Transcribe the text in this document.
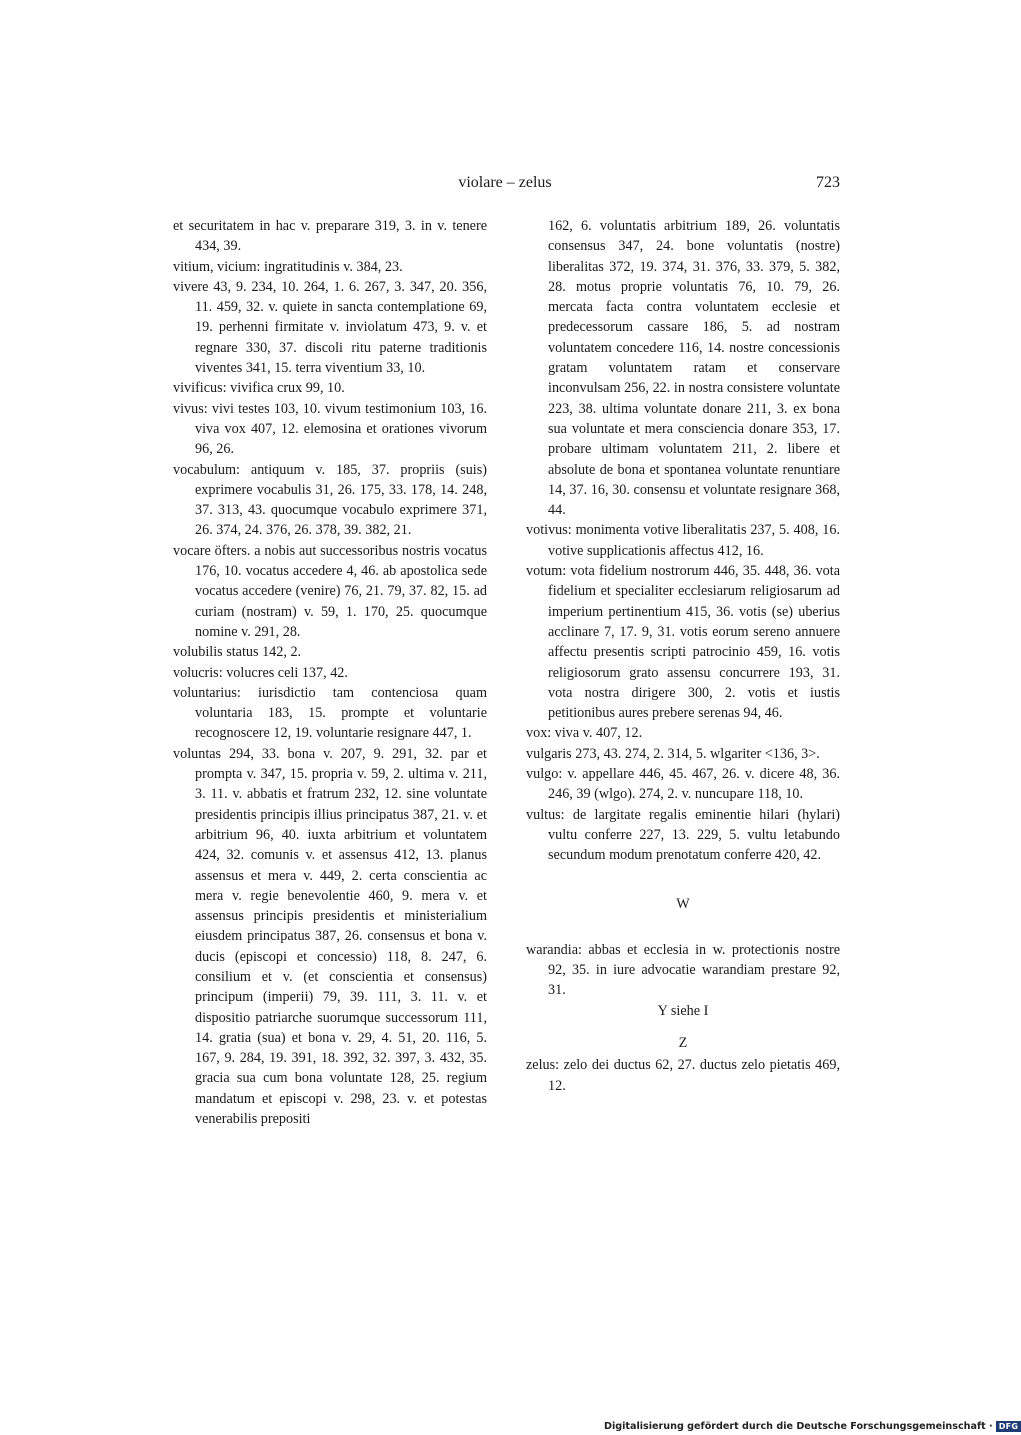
violare – zelus	723
et securitatem in hac v. preparare 319, 3. in v. tenere 434, 39.
vitium, vicium: ingratitudinis v. 384, 23.
vivere 43, 9. 234, 10. 264, 1. 6. 267, 3. 347, 20. 356, 11. 459, 32. v. quiete in sancta contemplatione 69, 19. perhenni firmitate v. inviolatum 473, 9. v. et regnare 330, 37. discoli ritu paterne traditionis viventes 341, 15. terra viventium 33, 10.
vivificus: vivifica crux 99, 10.
vivus: vivi testes 103, 10. vivum testimonium 103, 16. viva vox 407, 12. elemosina et orationes vivorum 96, 26.
vocabulum: antiquum v. 185, 37. propriis (suis) exprimere vocabulis 31, 26. 175, 33. 178, 14. 248, 37. 313, 43. quocumque vocabulo exprimere 371, 26. 374, 24. 376, 26. 378, 39. 382, 21.
vocare öfters. a nobis aut successoribus nostris vocatus 176, 10. vocatus accedere 4, 46. ab apostolica sede vocatus accedere (venire) 76, 21. 79, 37. 82, 15. ad curiam (nostram) v. 59, 1. 170, 25. quocumque nomine v. 291, 28.
volubilis status 142, 2.
volucris: volucres celi 137, 42.
voluntarius: iurisdictio tam contenciosa quam voluntaria 183, 15. prompte et voluntarie recognoscere 12, 19. voluntarie resignare 447, 1.
voluntas 294, 33. bona v. 207, 9. 291, 32. par et prompta v. 347, 15. propria v. 59, 2. ultima v. 211, 3. 11. v. abbatis et fratrum 232, 12. sine voluntate presidentis principis illius principatus 387, 21. v. et arbitrium 96, 40. iuxta arbitrium et voluntatem 424, 32. comunis v. et assensus 412, 13. planus assensus et mera v. 449, 2. certa conscientia ac mera v. regie benevolentie 460, 9. mera v. et assensus principis presidentis et ministerialium eiusdem principatus 387, 26. consensus et bona v. ducis (episcopi et concessio) 118, 8. 247, 6. consilium et v. (et conscientia et consensus) principum (imperii) 79, 39. 111, 3. 11. v. et dispositio patriarche suorumque successorum 111, 14. gratia (sua) et bona v. 29, 4. 51, 20. 116, 5. 167, 9. 284, 19. 391, 18. 392, 32. 397, 3. 432, 35. gracia sua cum bona voluntate 128, 25. regium mandatum et episcopi v. 298, 23. v. et potestas venerabilis prepositi
162, 6. voluntatis arbitrium 189, 26. voluntatis consensus 347, 24. bone voluntatis (nostre) liberalitas 372, 19. 374, 31. 376, 33. 379, 5. 382, 28. motus proprie voluntatis 76, 10. 79, 26. mercata facta contra voluntatem ecclesie et predecessorum cassare 186, 5. ad nostram voluntatem concedere 116, 14. nostre concessionis gratam voluntatem ratam et conservare inconvulsam 256, 22. in nostra consistere voluntate 223, 38. ultima voluntate donare 211, 3. ex bona sua voluntate et mera consciencia donare 353, 17. probare ultimam voluntatem 211, 2. libere et absolute de bona et spontanea voluntate renuntiare 14, 37. 16, 30. consensu et voluntate resignare 368, 44.
votivus: monimenta votive liberalitatis 237, 5. 408, 16. votive supplicationis affectus 412, 16.
votum: vota fidelium nostrorum 446, 35. 448, 36. vota fidelium et specialiter ecclesiarum religiosarum ad imperium pertinentium 415, 36. votis (se) uberius acclinare 7, 17. 9, 31. votis eorum sereno annuere affectu presentis scripti patrocinio 459, 16. votis religiosorum grato assensu concurrere 193, 31. vota nostra dirigere 300, 2. votis et iustis petitionibus aures prebere serenas 94, 46.
vox: viva v. 407, 12.
vulgaris 273, 43. 274, 2. 314, 5. wlgariter <136, 3>.
vulgo: v. appellare 446, 45. 467, 26. v. dicere 48, 36. 246, 39 (wlgo). 274, 2. v. nuncupare 118, 10.
vultus: de largitate regalis eminentie hilari (hylari) vultu conferre 227, 13. 229, 5. vultu letabundo secundum modum prenotatum conferre 420, 42.
W
warandia: abbas et ecclesia in w. protectionis nostre 92, 35. in iure advocatie warandiam prestare 92, 31.
Y siehe I
Z
zelus: zelo dei ductus 62, 27. ductus zelo pietatis 469, 12.
Digitalisierung gefördert durch die Deutsche Forschungsgemeinschaft · DFG
